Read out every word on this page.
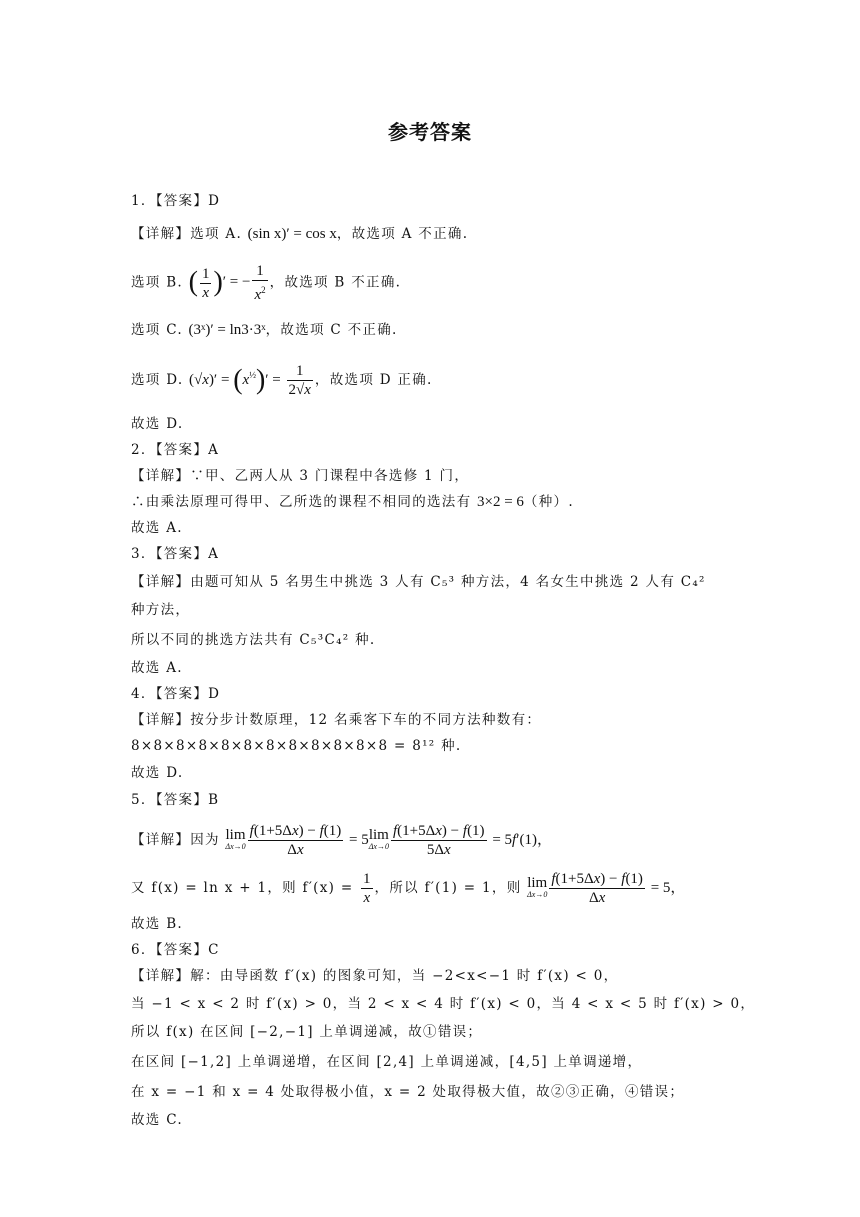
参考答案
1．【答案】D
【详解】选项 A. (sin x)′ = cos x，故选项 A 不正确.
选项 B. ( $\frac{1}{x}$ )′ = − $\frac{1}{x^2}$ ，故选项 B 不正确.
选项 C. (3ˣ)′ = ln3·3ˣ，故选项 C 不正确.
选项 D. $(√x)' = (x^{\frac{1}{2}})' = \frac{1}{2√x}$ ，故选项 D 正确.
故选 D.
2．【答案】A
【详解】∵甲、乙两人从 3 门课程中各选修 1 门，
∴由乘法原理可得甲、乙所选的课程不相同的选法有 3×2 = 6（种）.
故选 A.
3．【答案】A
【详解】由题可知从 5 名男生中挑选 3 人有 C₅³ 种方法，4 名女生中挑选 2 人有 C₄²
种方法，
所以不同的挑选方法共有 C₅³C₄² 种.
故选 A.
4．【答案】D
【详解】按分步计数原理，12 名乘客下车的不同方法种数有：
8×8×8×8×8×8×8×8×8×8×8×8 = 8¹² 种.
故选 D.
5．【答案】B
【详解】因为 lim
$\Delta x\to 0 \frac{f(1+5\Delta x) - f(1)}{\Delta x} = 5\lim$
$\Delta x\to 0 \frac{f(1+5\Delta x) - f(1)}{5\Delta x} = 5f'(1)$，
又 f(x) = ln x + 1，则 $f'(x) = \frac{1}{x}$ ，所以 f′(1) = 1，则 lim
$\Delta x\to 0 \frac{f(1+5\Delta x) - f(1)}{\Delta x} = 5$，
故选 B.
6．【答案】C
【详解】解：由导函数 f′(x) 的图象可知，当 −2<x<−1 时 f′(x) < 0，
当 −1 < x < 2 时 f′(x) > 0，当 2 < x < 4 时 f′(x) < 0，当 4 < x < 5 时 f′(x) > 0，
所以 f(x) 在区间 [−2,−1] 上单调递减，故①错误；
在区间 [−1,2] 上单调递增，在区间 [2,4] 上单调递减，[4,5] 上单调递增，
在 x = −1 和 x = 4 处取得极小值，x = 2 处取得极大值，故②③正确，④错误；
故选 C.
